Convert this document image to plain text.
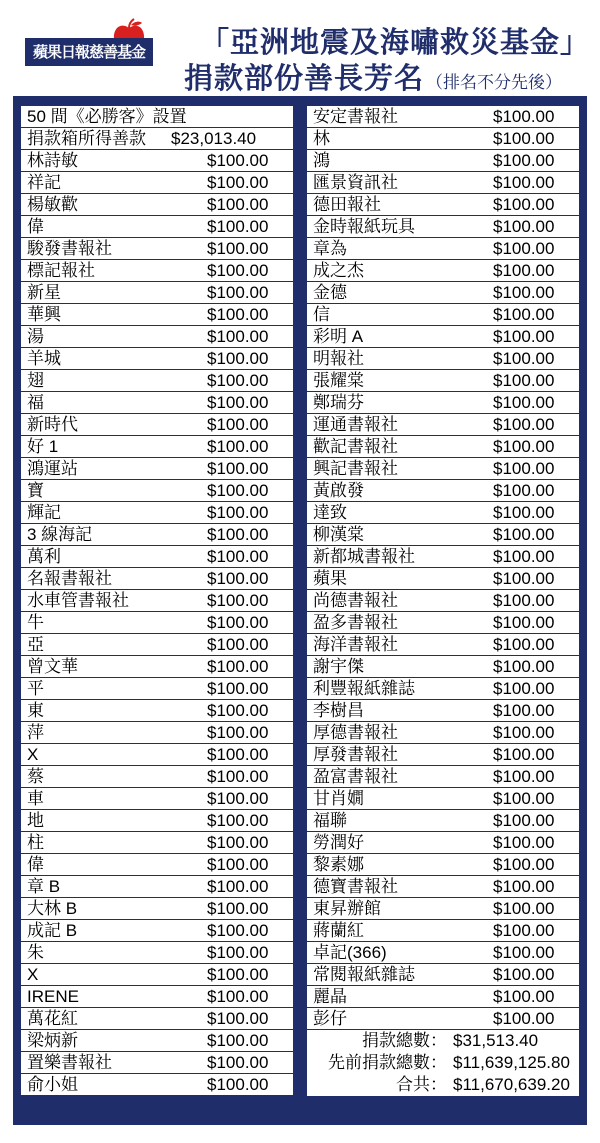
蘋果日報慈善基金 「亞洲地震及海嘯救災基金」
捐款部份善長芳名 （排名不分先後）
50 間《必勝客》設置
捐款箱所得善款 $23,013.40
林詩敏	$100.00
祥記	$100.00
楊敏歡	$100.00
偉	$100.00
駿發書報社	$100.00
標記報社	$100.00
新星	$100.00
華興	$100.00
湯	$100.00
羊城	$100.00
翅	$100.00
福	$100.00
新時代	$100.00
好 1	$100.00
鴻運站	$100.00
寶	$100.00
輝記	$100.00
3 線海記	$100.00
萬利	$100.00
名報書報社	$100.00
水車管書報社	$100.00
牛	$100.00
亞	$100.00
曾文華	$100.00
平	$100.00
東	$100.00
萍	$100.00
X	$100.00
蔡	$100.00
車	$100.00
地	$100.00
柱	$100.00
偉	$100.00
章 B	$100.00
大林 B	$100.00
成記 B	$100.00
朱	$100.00
X	$100.00
IRENE	$100.00
萬花紅	$100.00
梁炳新	$100.00
置樂書報社	$100.00
俞小姐	$100.00
安定書報社	$100.00
林	$100.00
鴻	$100.00
匯景資訊社	$100.00
德田報社	$100.00
金時報紙玩具	$100.00
章為	$100.00
成之杰	$100.00
金德	$100.00
信	$100.00
彩明 A	$100.00
明報社	$100.00
張耀棠	$100.00
鄭瑞芬	$100.00
運通書報社	$100.00
歡記書報社	$100.00
興記書報社	$100.00
黃啟發	$100.00
達致	$100.00
柳漢棠	$100.00
新都城書報社	$100.00
蘋果	$100.00
尚德書報社	$100.00
盈多書報社	$100.00
海洋書報社	$100.00
謝宇傑	$100.00
利豐報紙雜誌	$100.00
李樹昌	$100.00
厚德書報社	$100.00
厚發書報社	$100.00
盈富書報社	$100.00
甘肖嫺	$100.00
福聯	$100.00
勞潤好	$100.00
黎素娜	$100.00
德寶書報社	$100.00
東昇辦館	$100.00
蔣蘭紅	$100.00
卓記(366)	$100.00
常閱報紙雜誌	$100.00
麗晶	$100.00
彭仔	$100.00
捐款總數： $31,513.40
先前捐款總數： $11,639,125.80
合共： $11,670,639.20
